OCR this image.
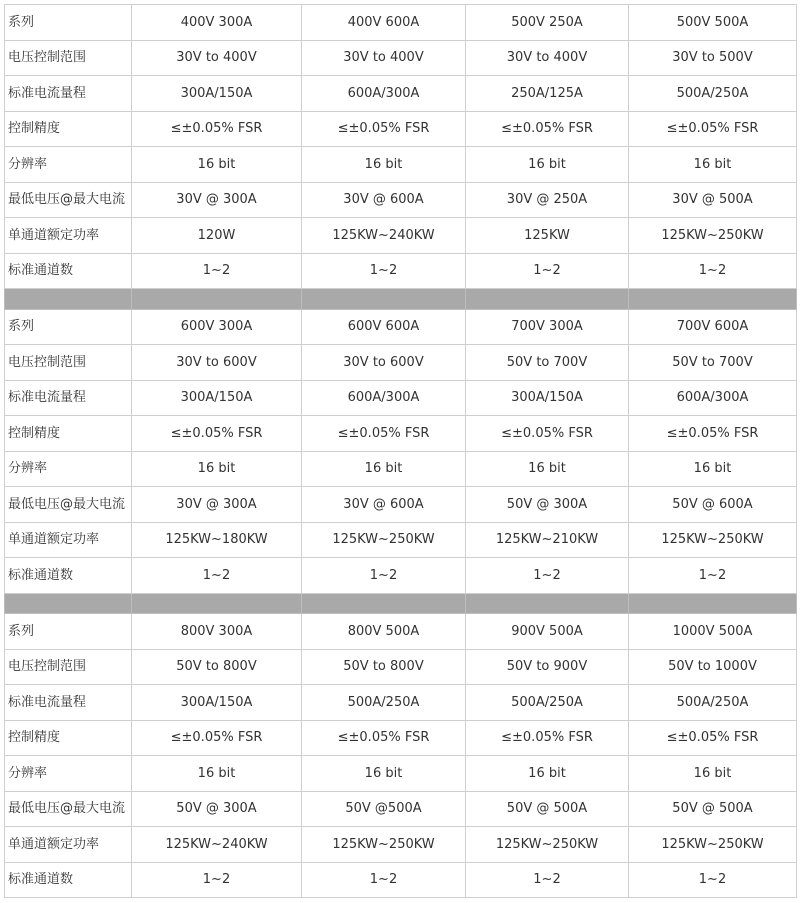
系列	400V 300A	400V 600A	500V 250A	500V 500A
电压控制范围	30V to 400V	30V to 400V	30V to 400V	30V to 500V
标准电流量程	300A/150A	600A/300A	250A/125A	500A/250A
控制精度	≤±0.05% FSR	≤±0.05% FSR	≤±0.05% FSR	≤±0.05% FSR
分辨率	16 bit	16 bit	16 bit	16 bit
最低电压@最大电流	30V @ 300A	30V @ 600A	30V @ 250A	30V @ 500A
单通道额定功率	120W	125KW~240KW	125KW	125KW~250KW
标准通道数	1~2	1~2	1~2	1~2

系列	600V 300A	600V 600A	700V 300A	700V 600A
电压控制范围	30V to 600V	30V to 600V	50V to 700V	50V to 700V
标准电流量程	300A/150A	600A/300A	300A/150A	600A/300A
控制精度	≤±0.05% FSR	≤±0.05% FSR	≤±0.05% FSR	≤±0.05% FSR
分辨率	16 bit	16 bit	16 bit	16 bit
最低电压@最大电流	30V @ 300A	30V @ 600A	50V @ 300A	50V @ 600A
单通道额定功率	125KW~180KW	125KW~250KW	125KW~210KW	125KW~250KW
标准通道数	1~2	1~2	1~2	1~2

系列	800V 300A	800V 500A	900V 500A	1000V 500A
电压控制范围	50V to 800V	50V to 800V	50V to 900V	50V to 1000V
标准电流量程	300A/150A	500A/250A	500A/250A	500A/250A
控制精度	≤±0.05% FSR	≤±0.05% FSR	≤±0.05% FSR	≤±0.05% FSR
分辨率	16 bit	16 bit	16 bit	16 bit
最低电压@最大电流	50V @ 300A	50V @500A	50V @ 500A	50V @ 500A
单通道额定功率	125KW~240KW	125KW~250KW	125KW~250KW	125KW~250KW
标准通道数	1~2	1~2	1~2	1~2
